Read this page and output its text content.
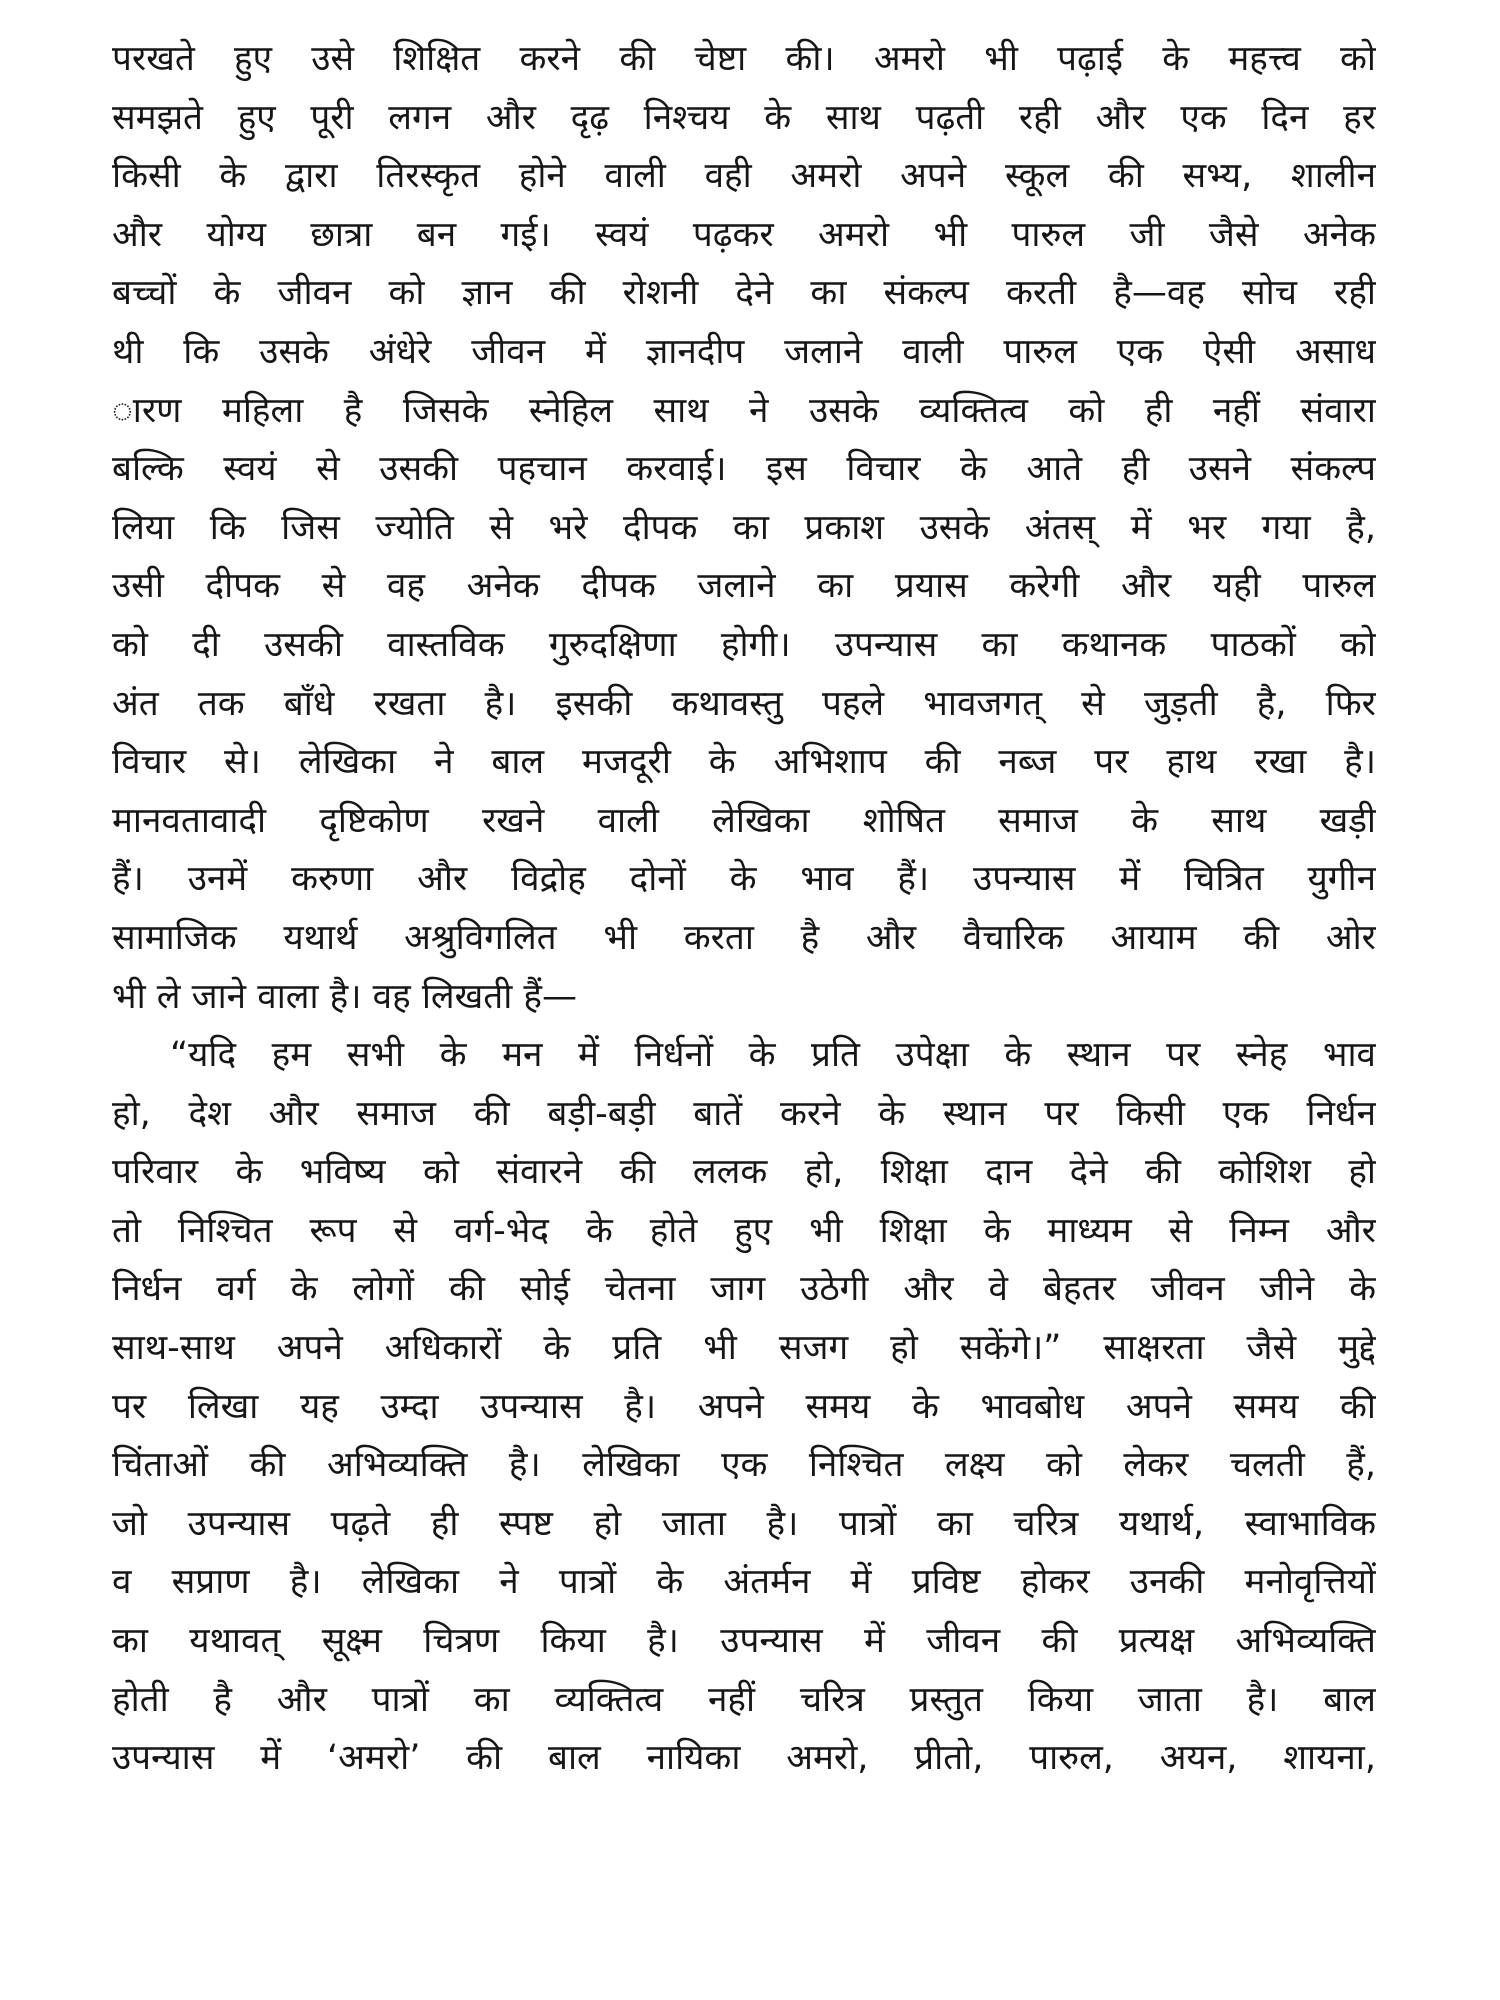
परखते हुए उसे शिक्षित करने की चेष्टा की। अमरो भी पढ़ाई के महत्त्व को
समझते हुए पूरी लगन और दृढ़ निश्चय के साथ पढ़ती रही और एक दिन हर
किसी के द्वारा तिरस्कृत होने वाली वही अमरो अपने स्कूल की सभ्य, शालीन
और योग्य छात्रा बन गई। स्वयं पढ़कर अमरो भी पारुल जी जैसे अनेक
बच्चों के जीवन को ज्ञान की रोशनी देने का संकल्प करती है—वह सोच रही
थी कि उसके अंधेरे जीवन में ज्ञानदीप जलाने वाली पारुल एक ऐसी असाध
ारण महिला है जिसके स्नेहिल साथ ने उसके व्यक्तित्व को ही नहीं संवारा
बल्कि स्वयं से उसकी पहचान करवाई। इस विचार के आते ही उसने संकल्प
लिया कि जिस ज्योति से भरे दीपक का प्रकाश उसके अंतस् में भर गया है,
उसी दीपक से वह अनेक दीपक जलाने का प्रयास करेगी और यही पारुल
को दी उसकी वास्तविक गुरुदक्षिणा होगी। उपन्यास का कथानक पाठकों को
अंत तक बाँधे रखता है। इसकी कथावस्तु पहले भावजगत् से जुड़ती है, फिर
विचार से। लेखिका ने बाल मजदूरी के अभिशाप की नब्ज पर हाथ रखा है।
मानवतावादी दृष्टिकोण रखने वाली लेखिका शोषित समाज के साथ खड़ी
हैं। उनमें करुणा और विद्रोह दोनों के भाव हैं। उपन्यास में चित्रित युगीन
सामाजिक यथार्थ अश्रुविगलित भी करता है और वैचारिक आयाम की ओर
भी ले जाने वाला है। वह लिखती हैं—
“यदि हम सभी के मन में निर्धनों के प्रति उपेक्षा के स्थान पर स्नेह भाव
हो, देश और समाज की बड़ी-बड़ी बातें करने के स्थान पर किसी एक निर्धन
परिवार के भविष्य को संवारने की ललक हो, शिक्षा दान देने की कोशिश हो
तो निश्चित रूप से वर्ग-भेद के होते हुए भी शिक्षा के माध्यम से निम्न और
निर्धन वर्ग के लोगों की सोई चेतना जाग उठेगी और वे बेहतर जीवन जीने के
साथ-साथ अपने अधिकारों के प्रति भी सजग हो सकेंगे।” साक्षरता जैसे मुद्दे
पर लिखा यह उम्दा उपन्यास है। अपने समय के भावबोध अपने समय की
चिंताओं की अभिव्यक्ति है। लेखिका एक निश्चित लक्ष्य को लेकर चलती हैं,
जो उपन्यास पढ़ते ही स्पष्ट हो जाता है। पात्रों का चरित्र यथार्थ, स्वाभाविक
व सप्राण है। लेखिका ने पात्रों के अंतर्मन में प्रविष्ट होकर उनकी मनोवृत्तियों
का यथावत् सूक्ष्म चित्रण किया है। उपन्यास में जीवन की प्रत्यक्ष अभिव्यक्ति
होती है और पात्रों का व्यक्तित्व नहीं चरित्र प्रस्तुत किया जाता है। बाल
उपन्यास में ‘अमरो’ की बाल नायिका अमरो, प्रीतो, पारुल, अयन, शायना,
